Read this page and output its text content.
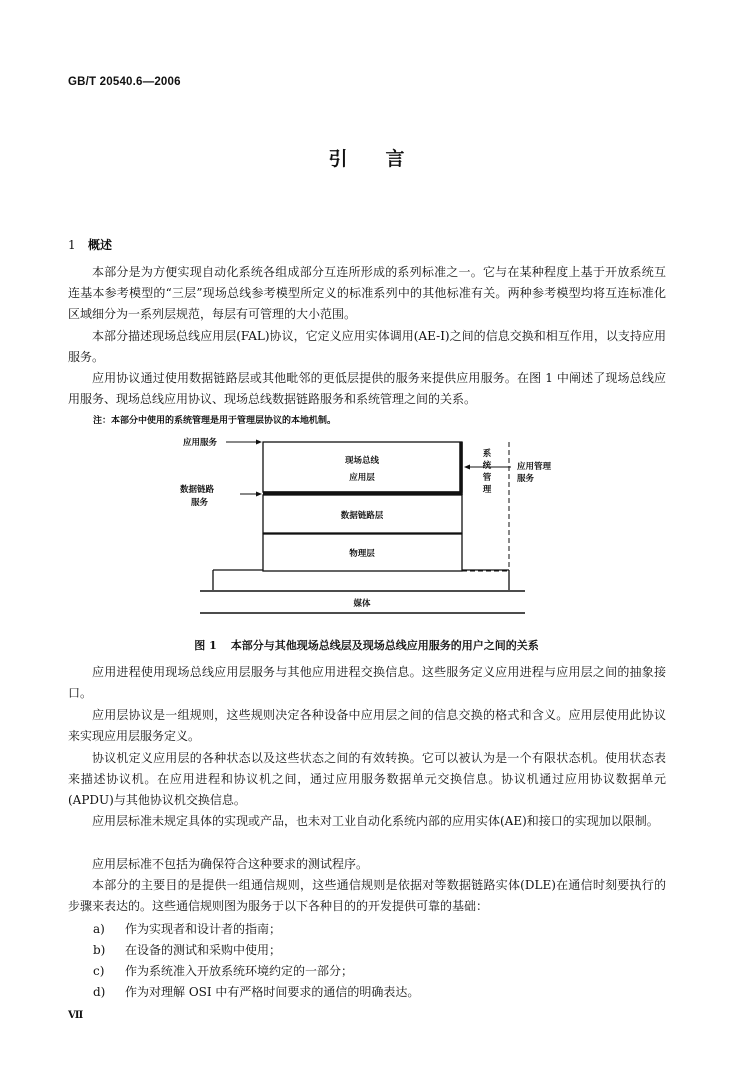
GB/T 20540.6—2006
引言
1 概述

本部分是为方便实现自动化系统各组成部分互连所形成的系列标准之一。它与在某种程度上基于开放系统互连基本参考模型的“三层”现场总线参考模型所定义的标准系列中的其他标准有关。两种参考模型均将互连标准化区域细分为一系列层规范，每层有可管理的大小范围。

本部分描述现场总线应用层(FAL)协议，它定义应用实体调用(AE-I)之间的信息交换和相互作用，以支持应用服务。

应用协议通过使用数据链路层或其他毗邻的更低层提供的服务来提供应用服务。在图 1 中阐述了现场总线应用服务、现场总线应用协议、现场总线数据链路服务和系统管理之间的关系。

注：本部分中使用的系统管理是用于管理层协议的本地机制。
应用服务
数据链路
服务
现场总线
应用层
数据链路层
物理层
系
统
管
理
应用管理
服务
媒体
图 1 本部分与其他现场总线层及现场总线应用服务的用户之间的关系

应用进程使用现场总线应用层服务与其他应用进程交换信息。这些服务定义应用进程与应用层之间的抽象接口。

应用层协议是一组规则，这些规则决定各种设备中应用层之间的信息交换的格式和含义。应用层使用此协议来实现应用层服务定义。

协议机定义应用层的各种状态以及这些状态之间的有效转换。它可以被认为是一个有限状态机。使用状态表来描述协议机。在应用进程和协议机之间，通过应用服务数据单元交换信息。协议机通过应用协议数据单元(APDU)与其他协议机交换信息。

应用层标准未规定具体的实现或产品，也未对工业自动化系统内部的应用实体(AE)和接口的实现加以限制。

应用层标准不包括为确保符合这种要求的测试程序。

本部分的主要目的是提供一组通信规则，这些通信规则是依据对等数据链路实体(DLE)在通信时刻要执行的步骤来表达的。这些通信规则图为服务于以下各种目的的开发提供可靠的基础：

a) 作为实现者和设计者的指南；
b) 在设备的测试和采购中使用；
c) 作为系统准入开放系统环境约定的一部分；
d) 作为对理解 OSI 中有严格时间要求的通信的明确表达。
Ⅶ
